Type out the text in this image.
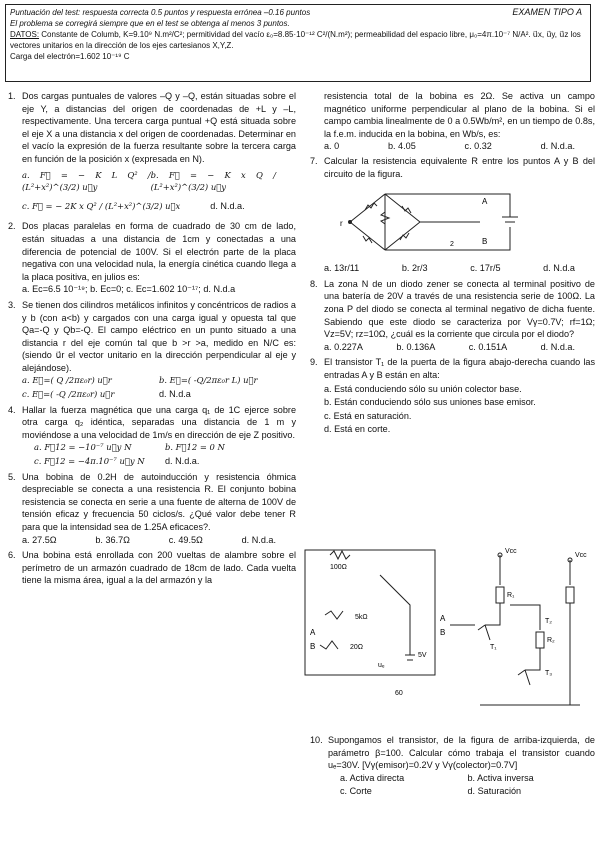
Puntuación del test: respuesta correcta 0.5 puntos y respuesta errónea –0.16 puntos
El problema se corregirá siempre que en el test se obtenga al menos 3 puntos.
EXAMEN TIPO A
DATOS: Constante de Columb, K=9.10⁹ N.m²/C²; permitividad del vacío ε₀=8.85·10⁻¹² C²/(N.m²); permeabilidad del espacio libre, μ₀=4π.10⁻⁷ N/A². u⃗x, u⃗y, u⃗z los vectores unitarios en la dirección de los ejes cartesianos X,Y,Z.
Carga del electrón=1.602 10⁻¹⁹ C
1. Dos cargas puntuales de valores –Q y –Q, están situadas sobre el eje Y, a distancias del origen de coordenadas de +L y –L, respectivamente. Una tercera carga puntual +Q está situada sobre el eje X a una distancia x del origen de coordenadas. Determinar en el vacío la expresión de la fuerza resultante sobre la tercera carga en función de la posición x (expresada en N).
a. F⃗ = − K L Q² / (L²+x²)^(3/2) u⃗y
b. F⃗ = − K x Q / (L²+x²)^(3/2) u⃗y
c. F⃗ = − 2K x Q² / (L²+x²)^(3/2) u⃗x	d. N.d.a.
2. Dos placas paralelas en forma de cuadrado de 30 cm de lado, están situadas a una distancia de 1cm y conectadas a una diferencia de potencial de 100V. Si el electrón parte de la placa negativa con una velocidad nula, la energía cinética cuando llega a la placa positiva, en julios es:
a. Ec=6.5 10⁻¹⁹; b. Ec=0; c. Ec=1.602 10⁻¹⁷; d. N.d.a
3. Se tienen dos cilindros metálicos infinitos y concéntricos de radios a y b (con a<b) y cargados con una carga igual y opuesta tal que Qa=-Q y Qb=-Q. El campo eléctrico en un punto situado a una distancia r del eje común tal que b >r >a, medido en N/C es: (siendo u⃗r el vector unitario en la dirección perpendicular al eje y alejándose).
a. E⃗=( Q /2πε₀r) u⃗r	b. E⃗=( -Q/2πε₀r L) u⃗r
c. E⃗=( -Q /2πε₀r) u⃗r	d. N.d.a
4. Hallar la fuerza magnética que una carga q₁ de 1C ejerce sobre otra carga q₂ idéntica, separadas una distancia de 1 m y moviéndose a una velocidad de 1m/s en dirección de eje Z positivo.
a. F⃗12 = −10⁻⁷ u⃗y N	b. F⃗12 = 0 N
c. F⃗12 = −4π.10⁻⁷ u⃗y N	d. N.d.a.
5. Una bobina de 0.2H de autoinducción y resistencia óhmica despreciable se conecta a una resistencia R. El conjunto bobina resistencia se conecta en serie a una fuente de alterna de 100V de tensión eficaz y frecuencia 50 ciclos/s. ¿Qué valor debe tener R para que la intensidad sea de 1.25A eficaces?.
a. 27.5Ω	b. 36.7Ω	c. 49.5Ω	d. N.d.a.
6. Una bobina está enrollada con 200 vueltas de alambre sobre el perímetro de un armazón cuadrado de 18cm de lado. Cada vuelta tiene la misma área, igual a la del armazón y la
resistencia total de la bobina es 2Ω. Se activa un campo magnético uniforme perpendicular al plano de la bobina. Si el campo cambia linealmente de 0 a 0.5Wb/m², en un tiempo de 0.8s, la f.e.m. inducida en la bobina, en Wb/s, es:
a. 0	b. 4.05	c. 0.32	d. N.d.a.
7. Calcular la resistencia equivalente R entre los puntos A y B del circuito de la figura.
r
A
B
2
a. 13r/11	b. 2r/3	c. 17r/5	d. N.d.a
8. La zona N de un diodo zener se conecta al terminal positivo de una batería de 20V a través de una resistencia serie de 100Ω. La zona P del diodo se conecta al terminal negativo de dicha fuente. Sabiendo que este diodo se caracteriza por Vγ=0.7V; rf=1Ω; Vz=5V; rz=10Ω, ¿cuál es la corriente que circula por el diodo?
a. 0.227A	b. 0.136A	c. 0.151A	d. N.d.a.
9. El transistor T₁ de la puerta de la figura abajo-derecha cuando las entradas A y B están en alta:
a. Está conduciendo sólo su unión colector base.
b. Están conduciendo sólo sus uniones base emisor.
c. Está en saturación.
d. Está en corte.
100Ω
5kΩ
20Ω
5V
uₑ
A
B
Vcc
Vcc
R₁
R₂
T₁
T₂
T₃
A
B
60
10. Supongamos el transistor, de la figura de arriba-izquierda, de parámetro β=100. Calcular cómo trabaja el transistor cuando uₑ=30V. [Vγ(emisor)=0.2V y Vγ(colector)=0.7V]
a. Activa directa	b. Activa inversa
c. Corte	d. Saturación
